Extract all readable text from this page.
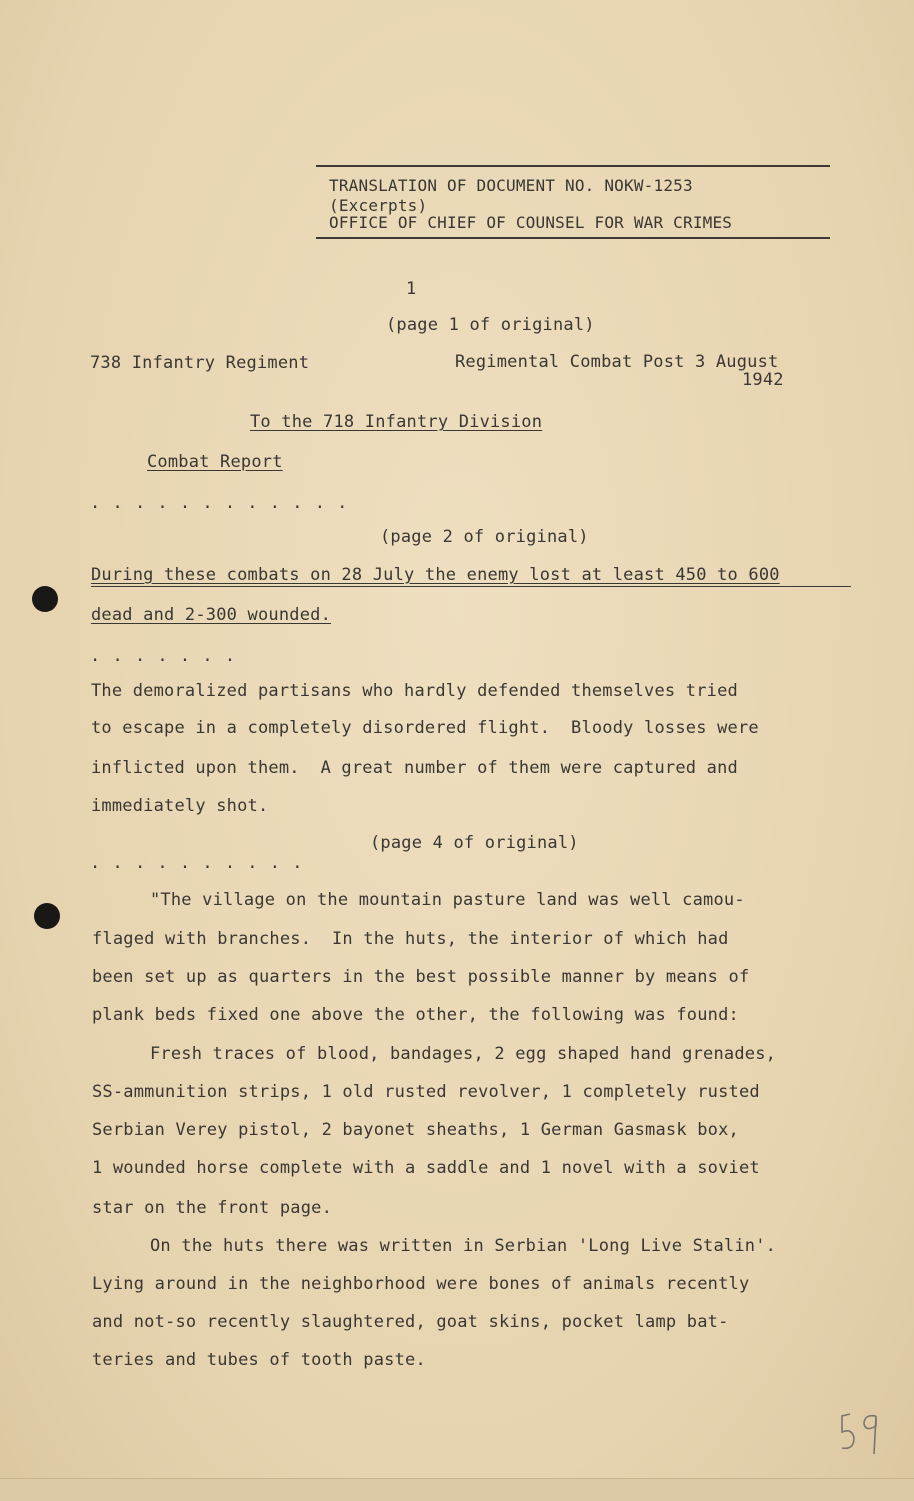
TRANSLATION OF DOCUMENT NO. NOKW-1253
(Excerpts)
OFFICE OF CHIEF OF COUNSEL FOR WAR CRIMES
1
(page 1 of original)
738 Infantry Regiment	Regimental Combat Post 3 August
1942
To the 718 Infantry Division
Combat Report
. . . . . . . . . . . .
(page 2 of original)
During these combats on 28 July the enemy lost at least 450 to 600
dead and 2-300 wounded.
. . . . . . .
The demoralized partisans who hardly defended themselves tried
to escape in a completely disordered flight.  Bloody losses were
inflicted upon them.  A great number of them were captured and
immediately shot.
(page 4 of original)
. . . . . . . . . .
"The village on the mountain pasture land was well camou-
flaged with branches.  In the huts, the interior of which had
been set up as quarters in the best possible manner by means of
plank beds fixed one above the other, the following was found:
Fresh traces of blood, bandages, 2 egg shaped hand grenades,
SS-ammunition strips, 1 old rusted revolver, 1 completely rusted
Serbian Verey pistol, 2 bayonet sheaths, 1 German Gasmask box,
1 wounded horse complete with a saddle and 1 novel with a soviet
star on the front page.
On the huts there was written in Serbian 'Long Live Stalin'.
Lying around in the neighborhood were bones of animals recently
and not-so recently slaughtered, goat skins, pocket lamp bat-
teries and tubes of tooth paste.
